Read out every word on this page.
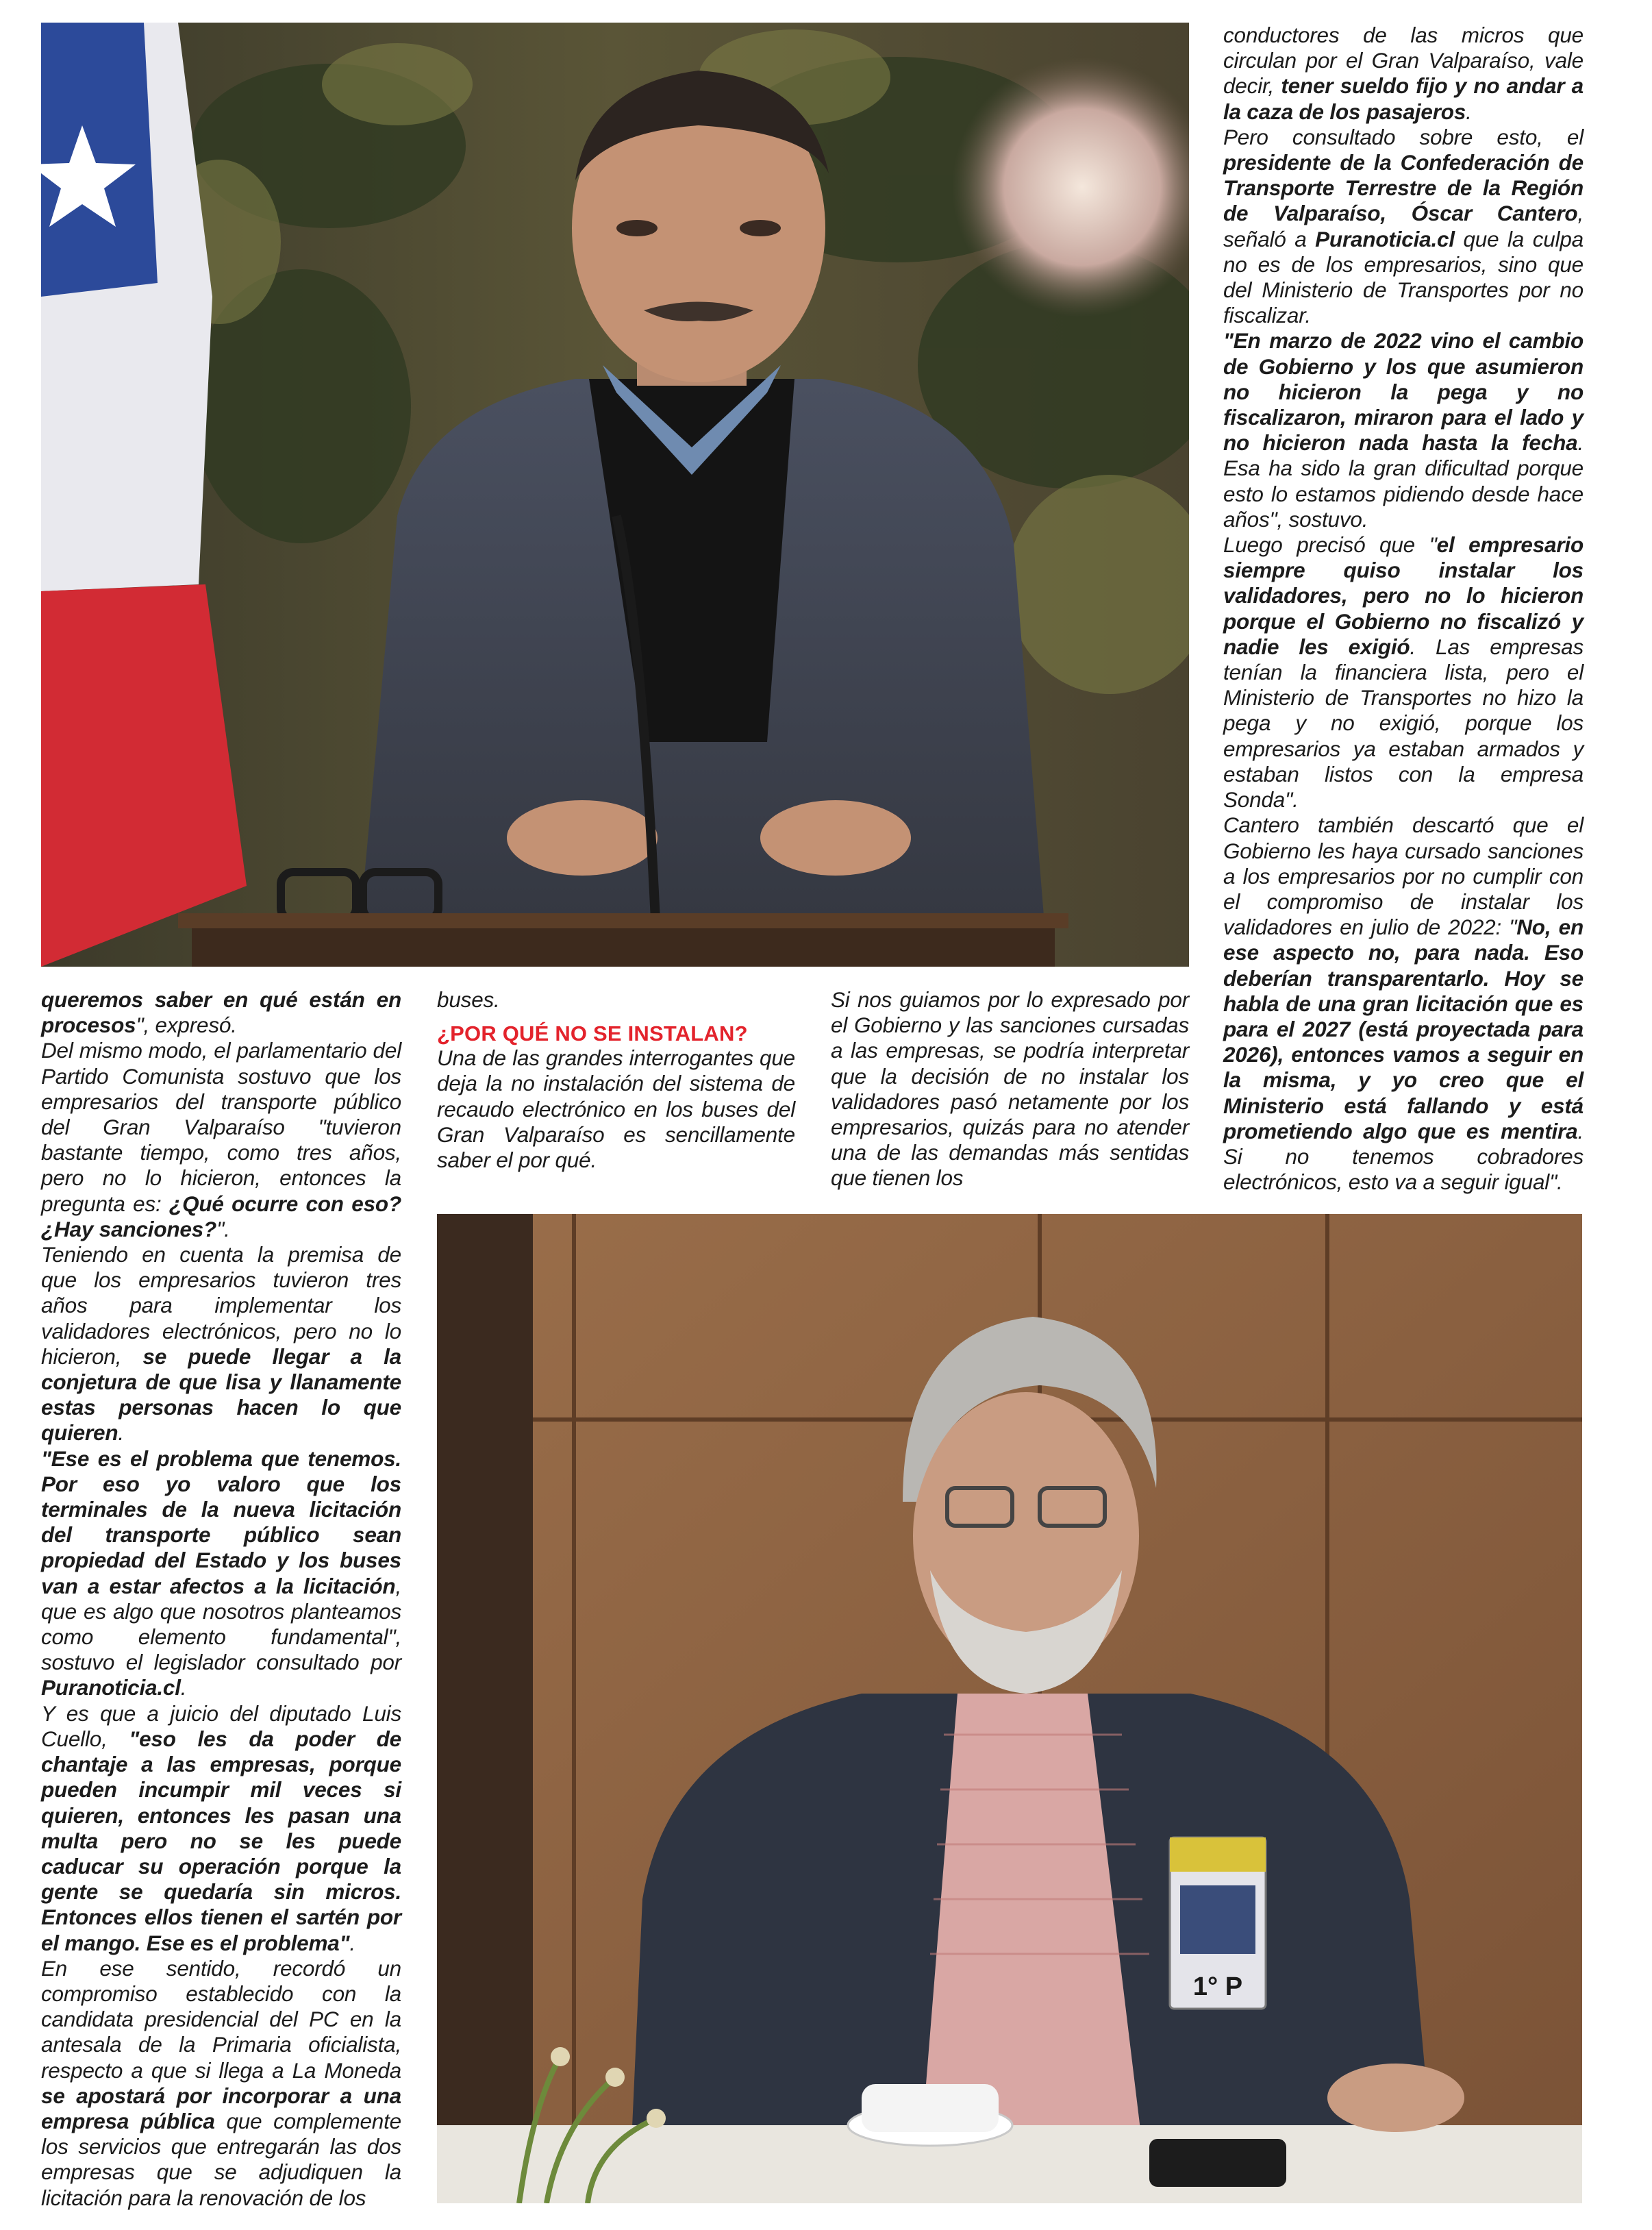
1° P

queremos saber en qué están en procesos", expresó.

Del mismo modo, el parlamentario del Partido Comunista sostuvo que los empresarios del transporte público del Gran Valparaíso "tuvieron bastante tiempo, como tres años, pero no lo hicieron, entonces la pregunta es: ¿Qué ocurre con eso? ¿Hay sanciones?".

Teniendo en cuenta la premisa de que los empresarios tuvieron tres años para implementar los validadores electrónicos, pero no lo hicieron, se puede llegar a la conjetura de que lisa y llanamente estas personas hacen lo que quieren.

"Ese es el problema que tenemos. Por eso yo valoro que los terminales de la nueva licitación del transporte público sean propiedad del Estado y los buses van a estar afectos a la licitación, que es algo que nosotros planteamos como elemento fundamental", sostuvo el legislador consultado por Puranoticia.cl.

Y es que a juicio del diputado Luis Cuello, "eso les da poder de chantaje a las empresas, porque pueden incumpir mil veces si quieren, entonces les pasan una multa pero no se les puede caducar su operación porque la gente se quedaría sin micros. Entonces ellos tienen el sartén por el mango. Ese es el problema".

En ese sentido, recordó un compromiso establecido con la candidata presidencial del PC en la antesala de la Primaria oficialista, respecto a que si llega a La Moneda se apostará por incorporar a una empresa pública que complemente los servicios que entregarán las dos empresas que se adjudiquen la licitación para la renovación de los

buses.

¿POR QUÉ NO SE INSTALAN?

Una de las grandes interrogantes que deja la no instalación del sistema de recaudo electrónico en los buses del Gran Valparaíso es sencillamente saber el por qué.

Si nos guiamos por lo expresado por el Gobierno y las sanciones cursadas a las empresas, se podría interpretar que la decisión de no instalar los validadores pasó netamente por los empresarios, quizás para no atender una de las demandas más sentidas que tienen los

conductores de las micros que circulan por el Gran Valparaíso, vale decir, tener sueldo fijo y no andar a la caza de los pasajeros.

Pero consultado sobre esto, el presidente de la Confederación de Transporte Terrestre de la Región de Valparaíso, Óscar Cantero, señaló a Puranoticia.cl que la culpa no es de los empresarios, sino que del Ministerio de Transportes por no fiscalizar.

"En marzo de 2022 vino el cambio de Gobierno y los que asumieron no hicieron la pega y no fiscalizaron, miraron para el lado y no hicieron nada hasta la fecha. Esa ha sido la gran dificultad porque esto lo estamos pidiendo desde hace años", sostuvo.

Luego precisó que "el empresario siempre quiso instalar los validadores, pero no lo hicieron porque el Gobierno no fiscalizó y nadie les exigió. Las empresas tenían la financiera lista, pero el Ministerio de Transportes no hizo la pega y no exigió, porque los empresarios ya estaban armados y estaban listos con la empresa Sonda".

Cantero también descartó que el Gobierno les haya cursado sanciones a los empresarios por no cumplir con el compromiso de instalar los validadores en julio de 2022: "No, en ese aspecto no, para nada. Eso deberían transparentarlo. Hoy se habla de una gran licitación que es para el 2027 (está proyectada para 2026), entonces vamos a seguir en la misma, y yo creo que el Ministerio está fallando y está prometiendo algo que es mentira. Si no tenemos cobradores electrónicos, esto va a seguir igual".
